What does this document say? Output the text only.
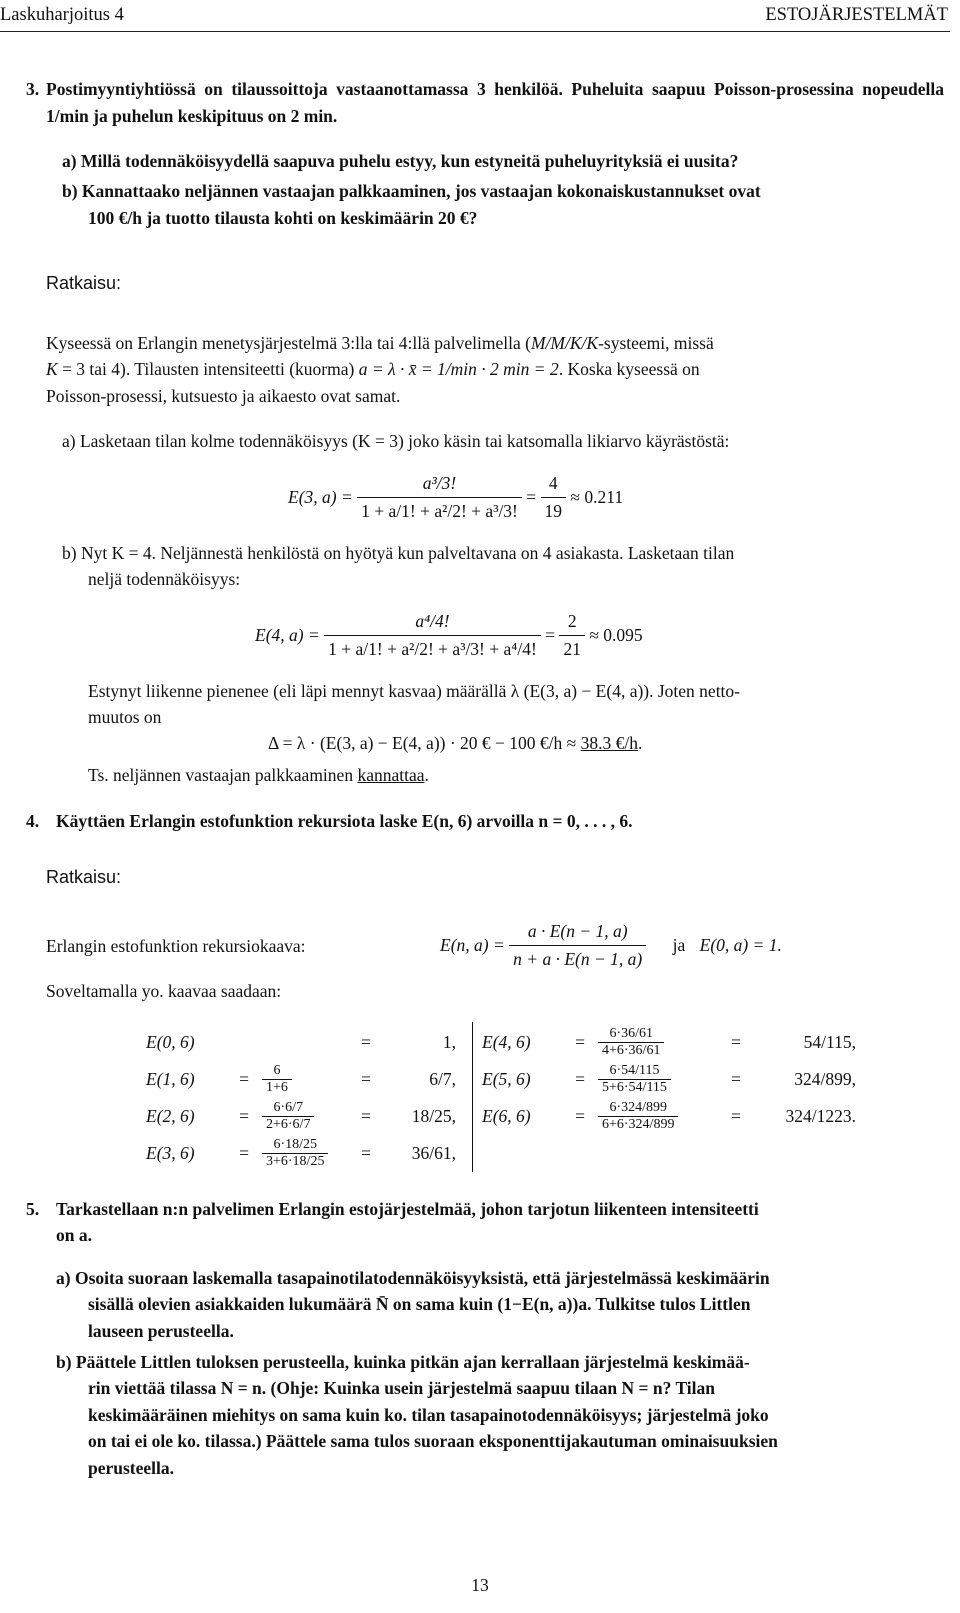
Laskuharjoitus 4	ESTOJÄRJESTELMÄT
3. Postimyyntiyhtiössä on tilaussoittoja vastaanottamassa 3 henkilöä. Puheluita saapuu Poisson-prosessina nopeudella 1/min ja puhelun keskipituus on 2 min.
a) Millä todennäköisyydellä saapuva puhelu estyy, kun estyneitä puheluyrityksiä ei uusita?
b) Kannattaako neljännen vastaajan palkkaaminen, jos vastaajan kokonaiskustannukset ovat
100 €/h ja tuotto tilausta kohti on keskimäärin 20 €?
Ratkaisu:
Kyseessä on Erlangin menetysjärjestelmä 3:lla tai 4:llä palvelimella (M/M/K/K-systeemi, missä
K = 3 tai 4). Tilausten intensiteetti (kuorma) a = λ · x̄ = 1/min · 2 min = 2. Koska kyseessä on
Poisson-prosessi, kutsuesto ja aikaesto ovat samat.
a) Lasketaan tilan kolme todennäköisyys (K = 3) joko käsin tai katsomalla likiarvo käyrästöstä:
E(3, $a) = \frac{\text{a³/3!}}{\text{1 + a/1! + a²/2! + a³/3!}} = \frac{4}{19} \approx 0.211$
b) Nyt K = 4. Neljännestä henkilöstä on hyötyä kun palveltavana on 4 asiakasta. Lasketaan tilan
neljä todennäköisyys:
E(4, $a) = \frac{\text{a⁴/4!}}{\text{1 + a/1! + a²/2! + a³/3! + a⁴/4!}} = \frac{2}{21} \approx 0.095$
Estynyt liikenne pienenee (eli läpi mennyt kasvaa) määrällä λ (E(3, a) − E(4, a)). Joten netto-
muutos on
Δ = λ · (E(3, a) − E(4, a)) · 20 € − 100 €/h ≈ 38.3 €/h.
Ts. neljännen vastaajan palkkaaminen kannattaa.
4. Käyttäen Erlangin estofunktion rekursiota laske E(n, 6) arvoilla n = 0, . . . , 6.
Ratkaisu:
Erlangin estofunktion rekursiokaava:	E(n, $a) = \frac{a \cdot E(n - 1, a)}{n + a \cdot E(n - 1, a)}$ ja E(0, a) = 1.
Soveltamalla yo. kaavaa saadaan:
E(0, 6)	=	1,
E(1, 6)	= $\frac{6}{1+6}$	=	6/7,
E(2, 6)	= $\frac{6\cdot 6/7}{2+6\cdot 6/7}$	=	18/25,
E(3, 6)	= $\frac{6\cdot 18/25}{3+6\cdot 18/25}$	=	36/61,
E(4, 6)	= $\frac{6\cdot 36/61}{4+6\cdot 36/61}$	=	54/115,
E(5, 6)	= $\frac{6\cdot 54/115}{5+6\cdot 54/115}$	=	324/899,
E(6, 6)	= $\frac{6\cdot 324/899}{6+6\cdot 324/899}$	=	324/1223.
5. Tarkastellaan n:n palvelimen Erlangin estojärjestelmää, johon tarjotun liikenteen intensiteetti
on a.
a) Osoita suoraan laskemalla tasapainotilatodennäköisyyksistä, että järjestelmässä keskimäärin
sisällä olevien asiakkaiden lukumäärä N̄ on sama kuin (1−E(n, a))a. Tulkitse tulos Littlen
lauseen perusteella.
b) Päättele Littlen tuloksen perusteella, kuinka pitkän ajan kerrallaan järjestelmä keskimää-
rin viettää tilassa N = n. (Ohje: Kuinka usein järjestelmä saapuu tilaan N = n? Tilan
keskimääräinen miehitys on sama kuin ko. tilan tasapainotodennäköisyys; järjestelmä joko
on tai ei ole ko. tilassa.) Päättele sama tulos suoraan eksponenttijakautuman ominaisuuksien
perusteella.
13
